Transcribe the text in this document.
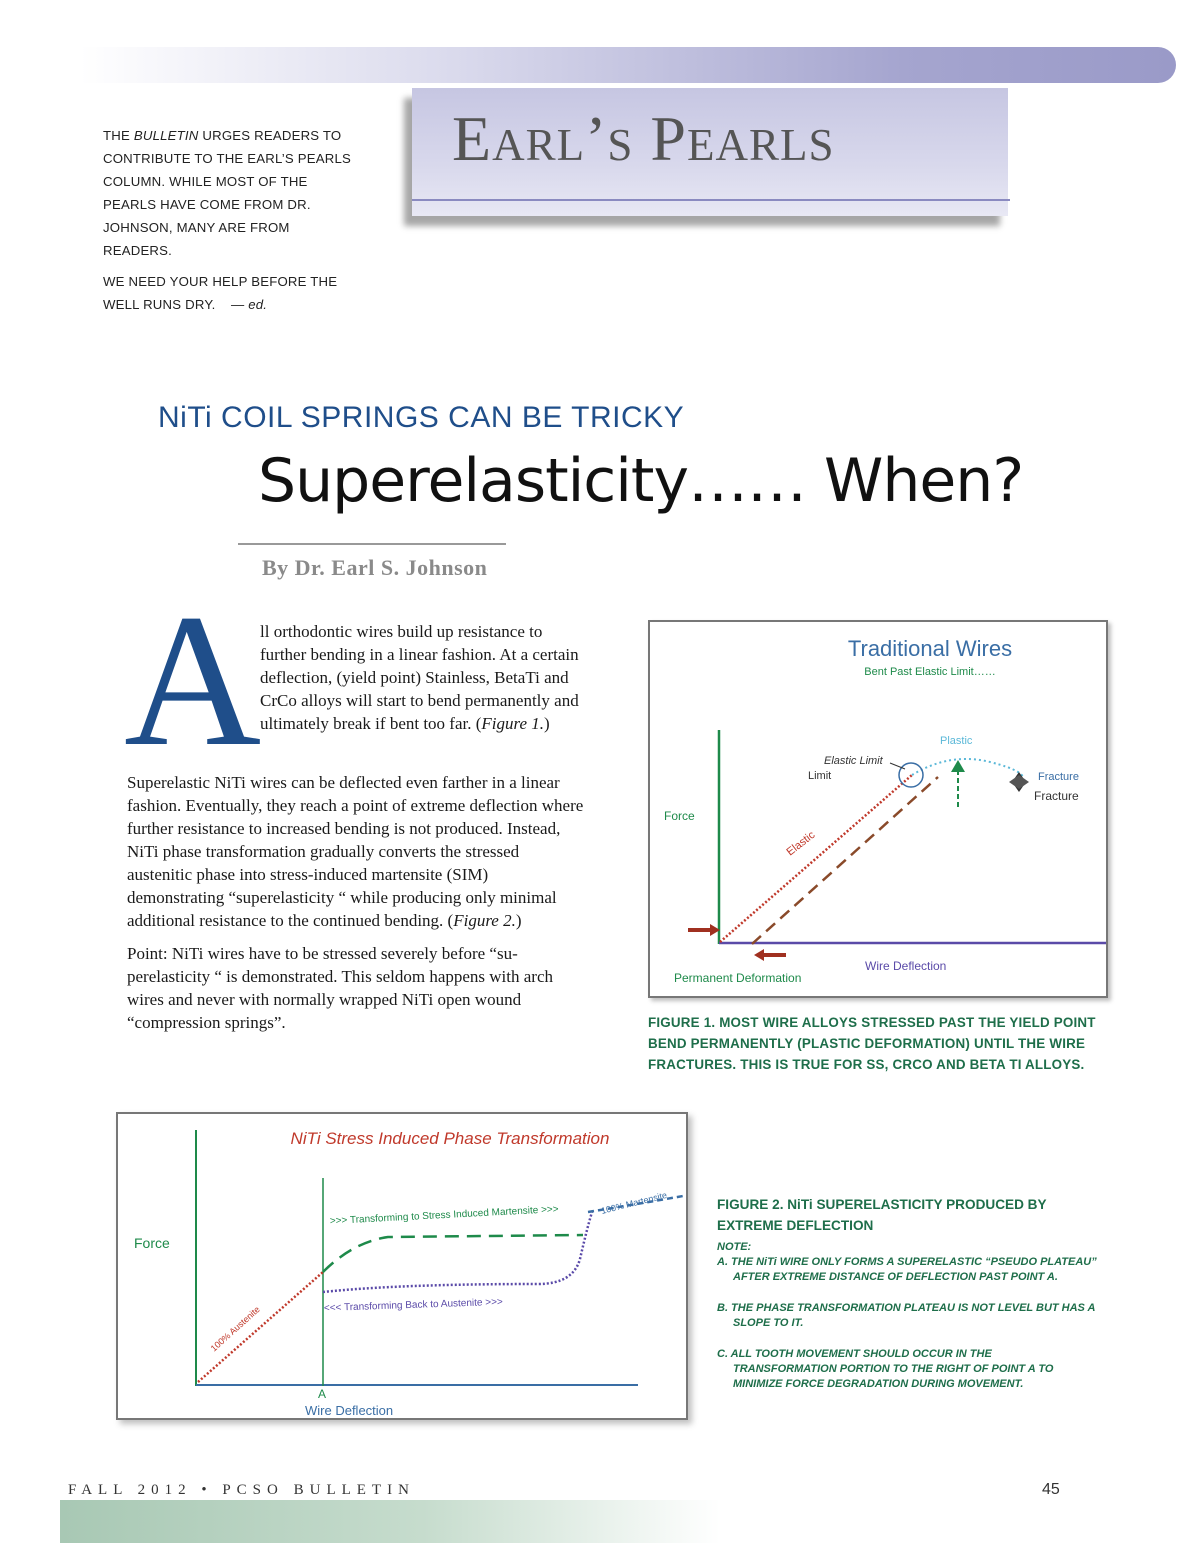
THE BULLETIN URGES READERS TO CONTRIBUTE TO THE EARL’S PEARLS COLUMN. WHILE MOST OF THE PEARLS HAVE COME FROM DR. JOHNSON, MANY ARE FROM READERS.

WE NEED YOUR HELP BEFORE THE WELL RUNS DRY. — ed.

Earl’s Pearls
NiTi COIL SPRINGS CAN BE TRICKY
Superelasticity…… When?
By Dr. Earl S. Johnson
A

ll orthodontic wires build up resistance to further bending in a linear fashion. At a certain deflection, (yield point) Stainless, BetaTi and CrCo alloys will start to bend permanently and ultimately break if bent too far. (Figure 1.)

Superelastic NiTi wires can be deflected even farther in a linear fashion. Eventually, they reach a point of extreme deflection where further resistance to increased bending is not produced. Instead, NiTi phase transformation gradually converts the stressed austenitic phase into stress-induced martensite (SIM) demonstrating “superelasticity “ while producing only minimal additional resistance to the continued bending. (Figure 2.)

Point: NiTi wires have to be stressed severely before “superelasticity “ is demonstrated. This seldom happens with arch wires and never with normally wrapped NiTi open wound “compression springs”.

Traditional Wires
Bent Past Elastic Limit……
Force
Wire Deflection
Elastic Limit
Limit
Plastic
Fracture
Fracture
Elastic
Permanent Deformation
FIGURE 1. MOST WIRE ALLOYS STRESSED PAST THE YIELD POINT BEND PERMANENTLY (PLASTIC DEFORMATION) UNTIL THE WIRE FRACTURES. THIS IS TRUE FOR SS, CRCO AND BETA TI ALLOYS.
NiTi Stress Induced Phase Transformation
Force
A
Wire Deflection
>>> Transforming to Stress Induced Martensite >>>
<<< Transforming Back to Austenite >>>
100% Austenite
100% Martensite	FIGURE 2. NiTi SUPERELASTICITY PRODUCED BY EXTREME DEFLECTION
NOTE:
A. THE NiTi WIRE ONLY FORMS A SUPERELASTIC “PSEUDO PLATEAU” AFTER EXTREME DISTANCE OF DEFLECTION PAST POINT A.
B. THE PHASE TRANSFORMATION PLATEAU IS NOT LEVEL BUT HAS A SLOPE TO IT.
C. ALL TOOTH MOVEMENT SHOULD OCCUR IN THE TRANSFORMATION PORTION TO THE RIGHT OF POINT A TO MINIMIZE FORCE DEGRADATION DURING MOVEMENT.
FALL 2012 • PCSO BULLETIN	45
